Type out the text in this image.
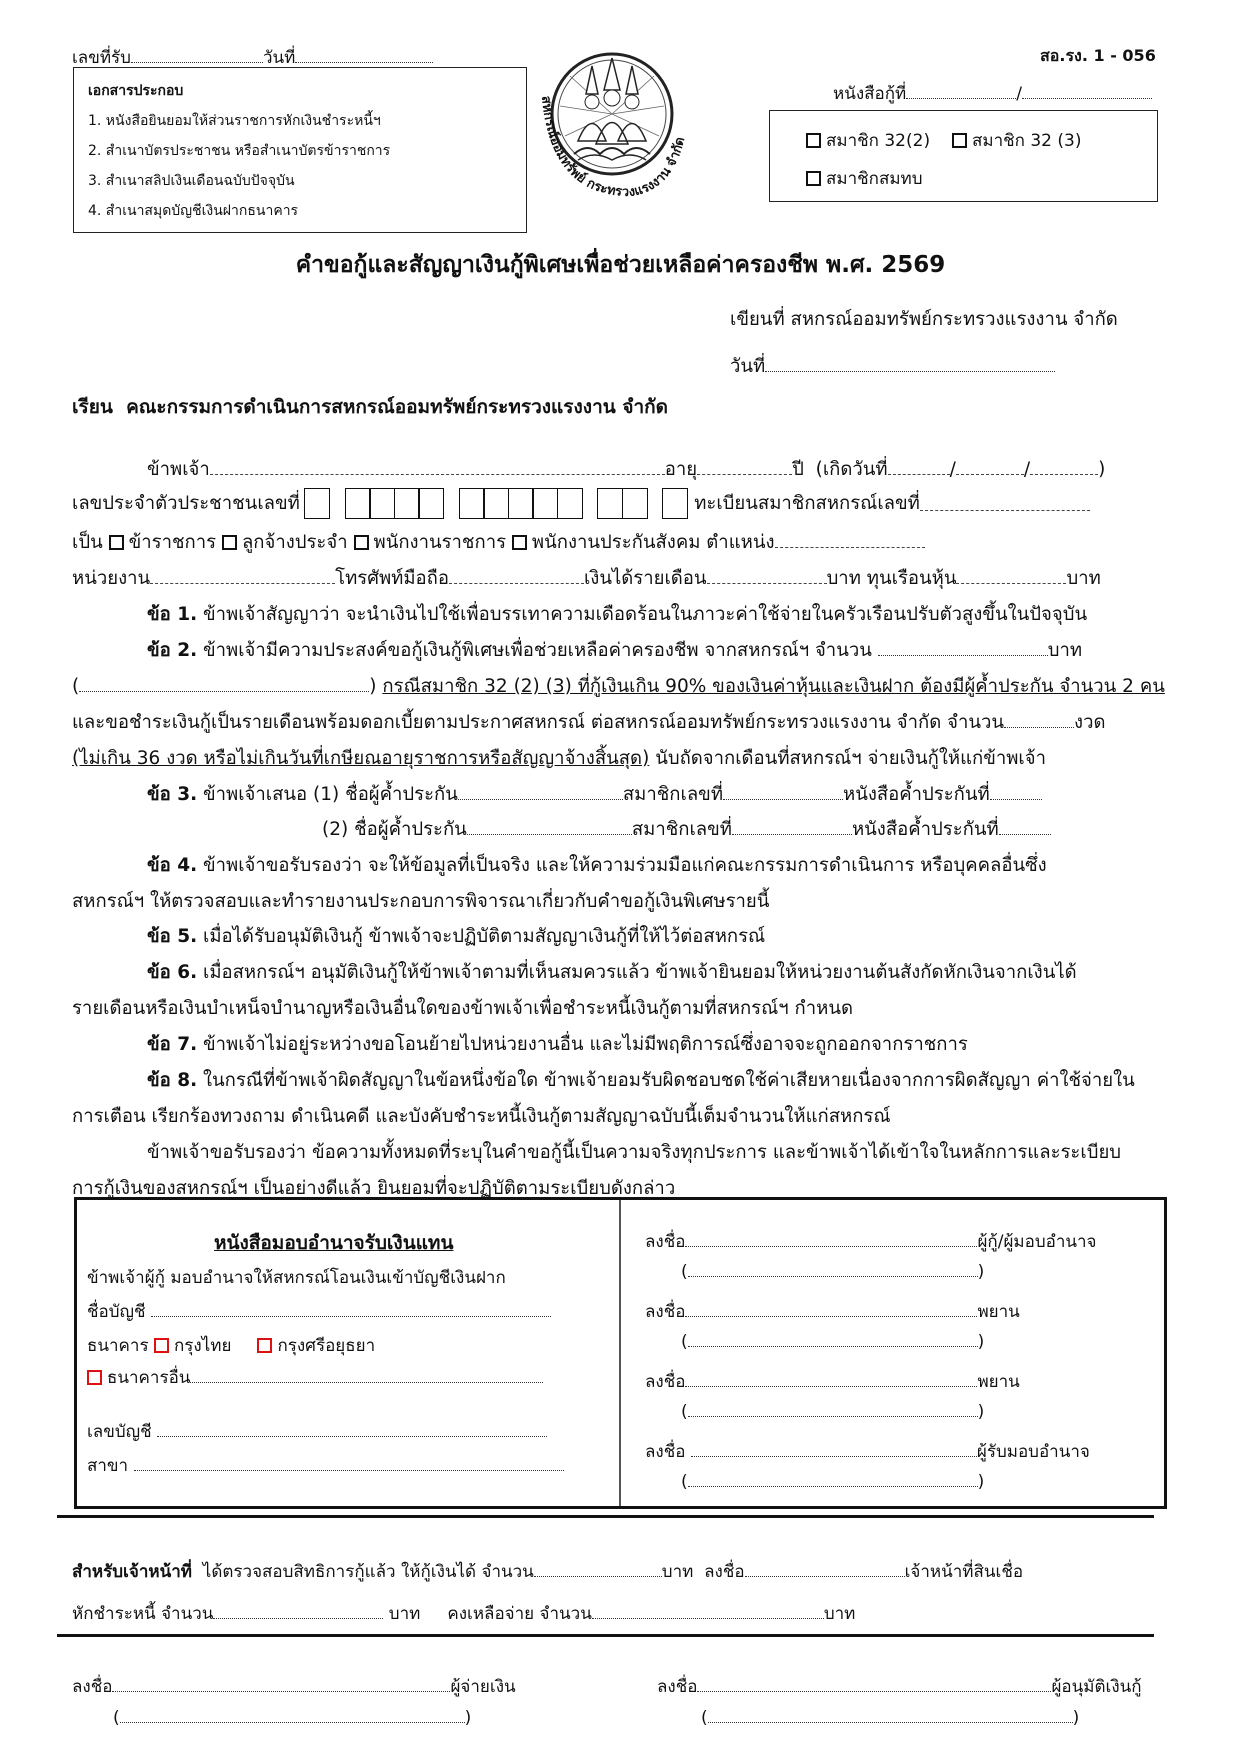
เลขที่รับ	วันที่	สอ.รง. 1 - 056
เอกสารประกอบ
1. หนังสือยินยอมให้ส่วนราชการหักเงินชำระหนี้ฯ
2. สำเนาบัตรประชาชน หรือสำเนาบัตรข้าราชการ
3. สำเนาสลิปเงินเดือนฉบับปัจจุบัน
4. สำเนาสมุดบัญชีเงินฝากธนาคาร
สหกรณ์ออมทรัพย์ กระทรวงแรงงาน จำกัด
หนังสือกู้ที่	/
สมาชิก 32(2)	สมาชิก 32 (3)
สมาชิกสมทบ
คำขอกู้และสัญญาเงินกู้พิเศษเพื่อช่วยเหลือค่าครองชีพ พ.ศ. 2569
เขียนที่ สหกรณ์ออมทรัพย์กระทรวงแรงงาน จำกัด
วันที่
เรียน คณะกรรมการดำเนินการสหกรณ์ออมทรัพย์กระทรวงแรงงาน จำกัด
ข้าพเจ้า	อายุ	ปี (เกิดวันที่	/	/	)
เลขประจำตัวประชาชนเลขที่	ทะเบียนสมาชิกสหกรณ์เลขที่
เป็น ข้าราชการ ลูกจ้างประจำ พนักงานราชการ พนักงานประกันสังคม ตำแหน่ง
หน่วยงาน	โทรศัพท์มือถือ	เงินได้รายเดือน	บาท ทุนเรือนหุ้น	บาท
ข้อ 1. ข้าพเจ้าสัญญาว่า จะนำเงินไปใช้เพื่อบรรเทาความเดือดร้อนในภาวะค่าใช้จ่ายในครัวเรือนปรับตัวสูงขึ้นในปัจจุบัน
ข้อ 2. ข้าพเจ้ามีความประสงค์ขอกู้เงินกู้พิเศษเพื่อช่วยเหลือค่าครองชีพ จากสหกรณ์ฯ จำนวน	บาท
(	) กรณีสมาชิก 32 (2) (3) ที่กู้เงินเกิน 90% ของเงินค่าหุ้นและเงินฝาก ต้องมีผู้ค้ำประกัน จำนวน 2 คน
และขอชำระเงินกู้เป็นรายเดือนพร้อมดอกเบี้ยตามประกาศสหกรณ์ ต่อสหกรณ์ออมทรัพย์กระทรวงแรงงาน จำกัด จำนวน	งวด
(ไม่เกิน 36 งวด หรือไม่เกินวันที่เกษียณอายุราชการหรือสัญญาจ้างสิ้นสุด) นับถัดจากเดือนที่สหกรณ์ฯ จ่ายเงินกู้ให้แก่ข้าพเจ้า
ข้อ 3. ข้าพเจ้าเสนอ (1) ชื่อผู้ค้ำประกัน	สมาชิกเลขที่	หนังสือค้ำประกันที่
(2) ชื่อผู้ค้ำประกัน	สมาชิกเลขที่	หนังสือค้ำประกันที่
ข้อ 4. ข้าพเจ้าขอรับรองว่า จะให้ข้อมูลที่เป็นจริง และให้ความร่วมมือแก่คณะกรรมการดำเนินการ หรือบุคคลอื่นซึ่ง
สหกรณ์ฯ ให้ตรวจสอบและทำรายงานประกอบการพิจารณาเกี่ยวกับคำขอกู้เงินพิเศษรายนี้
ข้อ 5. เมื่อได้รับอนุมัติเงินกู้ ข้าพเจ้าจะปฏิบัติตามสัญญาเงินกู้ที่ให้ไว้ต่อสหกรณ์
ข้อ 6. เมื่อสหกรณ์ฯ อนุมัติเงินกู้ให้ข้าพเจ้าตามที่เห็นสมควรแล้ว ข้าพเจ้ายินยอมให้หน่วยงานต้นสังกัดหักเงินจากเงินได้
รายเดือนหรือเงินบำเหน็จบำนาญหรือเงินอื่นใดของข้าพเจ้าเพื่อชำระหนี้เงินกู้ตามที่สหกรณ์ฯ กำหนด
ข้อ 7. ข้าพเจ้าไม่อยู่ระหว่างขอโอนย้ายไปหน่วยงานอื่น และไม่มีพฤติการณ์ซึ่งอาจจะถูกออกจากราชการ
ข้อ 8. ในกรณีที่ข้าพเจ้าผิดสัญญาในข้อหนึ่งข้อใด ข้าพเจ้ายอมรับผิดชอบชดใช้ค่าเสียหายเนื่องจากการผิดสัญญา ค่าใช้จ่ายใน
การเตือน เรียกร้องทวงถาม ดำเนินคดี และบังคับชำระหนี้เงินกู้ตามสัญญาฉบับนี้เต็มจำนวนให้แก่สหกรณ์
ข้าพเจ้าขอรับรองว่า ข้อความทั้งหมดที่ระบุในคำขอกู้นี้เป็นความจริงทุกประการ และข้าพเจ้าได้เข้าใจในหลักการและระเบียบ
การกู้เงินของสหกรณ์ฯ เป็นอย่างดีแล้ว ยินยอมที่จะปฏิบัติตามระเบียบดังกล่าว
หนังสือมอบอำนาจรับเงินแทน
ข้าพเจ้าผู้กู้ มอบอำนาจให้สหกรณ์โอนเงินเข้าบัญชีเงินฝาก
ชื่อบัญชี
ธนาคาร กรุงไทย	กรุงศรีอยุธยา
ธนาคารอื่น
เลขบัญชี
สาขา
ลงชื่อ	ผู้กู้/ผู้มอบอำนาจ
(	)
ลงชื่อ	พยาน
(	)
ลงชื่อ	พยาน
(	)
ลงชื่อ	ผู้รับมอบอำนาจ
(	)
สำหรับเจ้าหน้าที่ ได้ตรวจสอบสิทธิการกู้แล้ว ให้กู้เงินได้ จำนวน	บาท ลงชื่อ	เจ้าหน้าที่สินเชื่อ
หักชำระหนี้ จำนวน	บาท คงเหลือจ่าย จำนวน	บาท
ลงชื่อ	ผู้จ่ายเงิน
(	)
ลงชื่อ	ผู้อนุมัติเงินกู้
(	)
